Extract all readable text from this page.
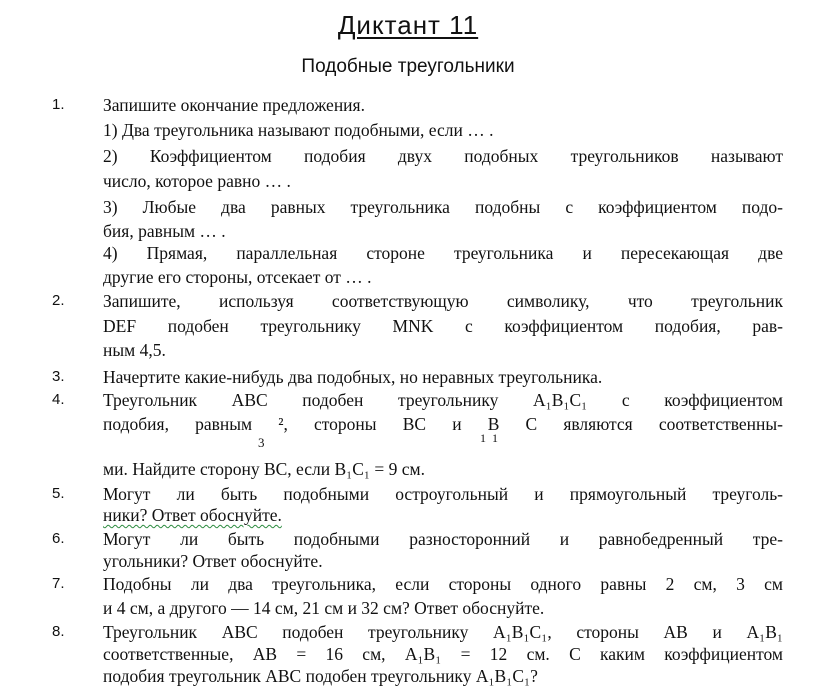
Диктант 11
Подобные треугольники
1.	Запишите окончание предложения.
1) Два треугольника называют подобными, если … .
2) Коэффициентом подобия двух подобных треугольников называют
число, которое равно … .
3) Любые два равных треугольника подобны с коэффициентом подо-
бия, равным … .
4) Прямая, параллельная стороне треугольника и пересекающая две
другие его стороны, отсекает от … .
2.	Запишите, используя соответствующую символику, что треугольник
DEF подобен треугольнику MNK с коэффициентом подобия, рав-
ным 4,5.
3.	Начертите какие-нибудь два подобных, но неравных треугольника.
4.	Треугольник ABC подобен треугольнику A₁B₁C₁ с коэффициентом
подобия, равным ², стороны BC и B C являются соответственны-
3	1  1
ми. Найдите сторону BC, если B₁C₁ = 9 см.
5.	Могут ли быть подобными остроугольный и прямоугольный треуголь-
ники? Ответ обоснуйте.
6.	Могут ли быть подобными разносторонний и равнобедренный тре-
угольники? Ответ обоснуйте.
7.	Подобны ли два треугольника, если стороны одного равны 2 см, 3 см
и 4 см, а другого — 14 см, 21 см и 32 см? Ответ обоснуйте.
8.	Треугольник ABC подобен треугольнику A₁B₁C₁, стороны AB и A₁B₁
соответственные, AB = 16 см, A₁B₁ = 12 см. С каким коэффициентом
подобия треугольник ABC подобен треугольнику A₁B₁C₁?
